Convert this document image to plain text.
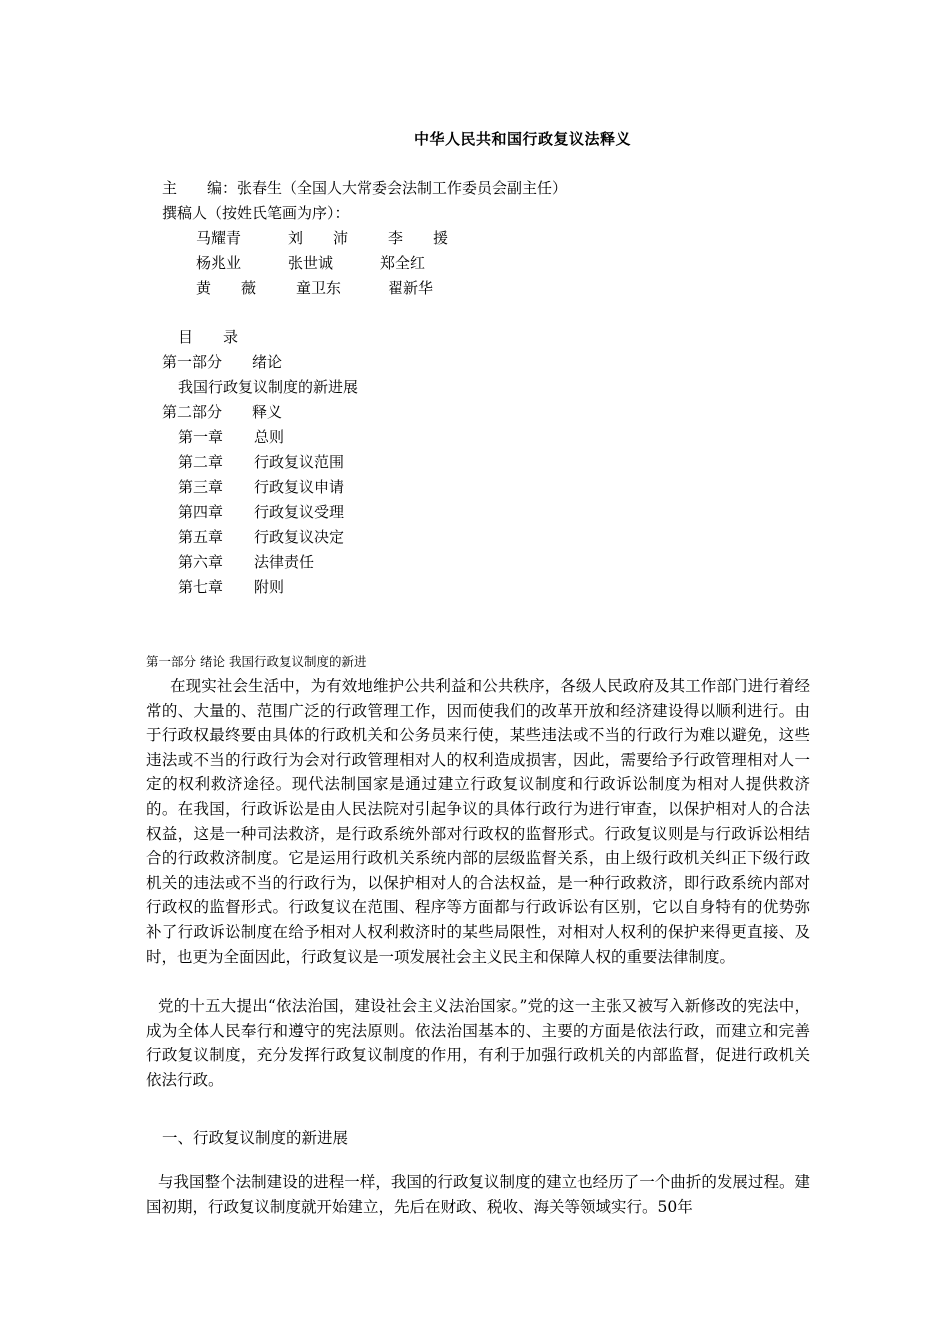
中华人民共和国行政复议法释义
主　　编：张春生（全国人大常委会法制工作委员会副主任）
撰稿人（按姓氏笔画为序）：
马耀青	刘　　沛	李　　援
杨兆业	张世诚	郑全红
黄　　薇	童卫东	翟新华
目　　录
第一部分 绪论
我国行政复议制度的新进展
第二部分 释义
第一章 总则
第二章 行政复议范围
第三章 行政复议申请
第四章 行政复议受理
第五章 行政复议决定
第六章 法律责任
第七章 附则
第一部分 绪论 我国行政复议制度的新进
在现实社会生活中，为有效地维护公共利益和公共秩序，各级人民政府及其工作部门进行着经常的、大量的、范围广泛的行政管理工作，因而使我们的改革开放和经济建设得以顺利进行。由于行政权最终要由具体的行政机关和公务员来行使，某些违法或不当的行政行为难以避免，这些违法或不当的行政行为会对行政管理相对人的权利造成损害，因此，需要给予行政管理相对人一定的权利救济途径。现代法制国家是通过建立行政复议制度和行政诉讼制度为相对人提供救济的。在我国，行政诉讼是由人民法院对引起争议的具体行政行为进行审查，以保护相对人的合法权益，这是一种司法救济，是行政系统外部对行政权的监督形式。行政复议则是与行政诉讼相结合的行政救济制度。它是运用行政机关系统内部的层级监督关系，由上级行政机关纠正下级行政机关的违法或不当的行政行为，以保护相对人的合法权益，是一种行政救济，即行政系统内部对行政权的监督形式。行政复议在范围、程序等方面都与行政诉讼有区别，它以自身特有的优势弥补了行政诉讼制度在给予相对人权利救济时的某些局限性，对相对人权利的保护来得更直接、及时，也更为全面因此，行政复议是一项发展社会主义民主和保障人权的重要法律制度。
党的十五大提出“依法治国，建设社会主义法治国家。”党的这一主张又被写入新修改的宪法中，成为全体人民奉行和遵守的宪法原则。依法治国基本的、主要的方面是依法行政，而建立和完善行政复议制度，充分发挥行政复议制度的作用，有利于加强行政机关的内部监督，促进行政机关依法行政。
一、行政复议制度的新进展
与我国整个法制建设的进程一样，我国的行政复议制度的建立也经历了一个曲折的发展过程。建国初期，行政复议制度就开始建立，先后在财政、税收、海关等领域实行。50年
